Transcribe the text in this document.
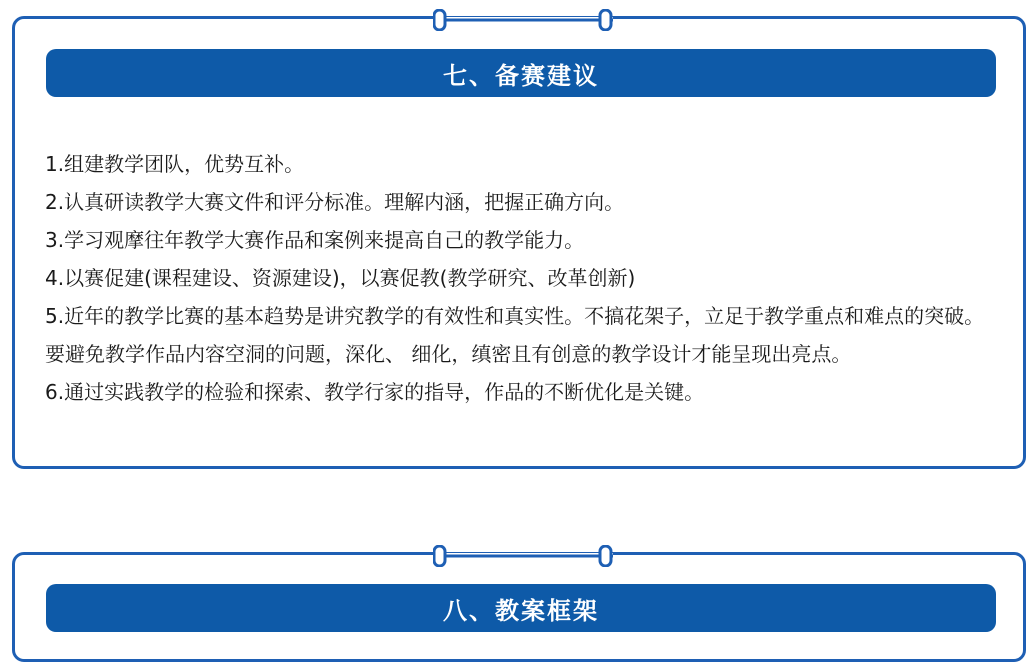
七、备赛建议

1.组建教学团队，优势互补。

2.认真研读教学大赛文件和评分标准。理解内涵，把握正确方向。

3.学习观摩往年教学大赛作品和案例来提高自己的教学能力。

4.以赛促建(课程建设、资源建设)，以赛促教(教学研究、改革创新)

5.近年的教学比赛的基本趋势是讲究教学的有效性和真实性。不搞花架子，立足于教学重点和难点的突破。要避免教学作品内容空洞的问题，深化、 细化，缜密且有创意的教学设计才能呈现出亮点。

6.通过实践教学的检验和探索、教学行家的指导，作品的不断优化是关键。

八、教案框架
